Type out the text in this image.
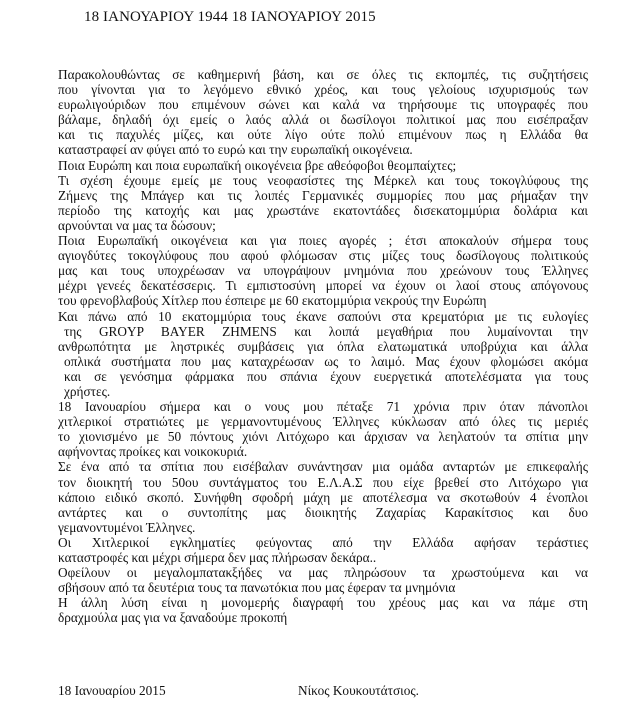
18 ΙΑΝΟΥΑΡΙΟΥ 1944 18 ΙΑΝΟΥΑΡΙΟΥ 2015
Παρακολουθώντας σε καθημερινή βάση, και σε όλες τις εκπομπές, τις συζητήσεις
που γίνονται για το λεγόμενο εθνικό χρέος, και τους γελοίους ισχυρισμούς των
ευρωλιγούριδων που επιμένουν σώνει και καλά να τηρήσουμε τις υπογραφές που
βάλαμε, δηλαδή όχι εμείς ο λαός αλλά οι δωσίλογοι πολιτικοί μας που εισέπραξαν
και τις παχυλές μίζες, και ούτε λίγο ούτε πολύ επιμένουν πως η Ελλάδα θα
καταστραφεί αν φύγει από το ευρώ και την ευρωπαϊκή οικογένεια.
Ποια Ευρώπη και ποια ευρωπαϊκή οικογένεια βρε αθεόφοβοι θεομπαίχτες;
Τι σχέση έχουμε εμείς με τους νεοφασίστες της Μέρκελ και τους τοκογλύφους της
Ζήμενς της Μπάγερ και τις λοιπές Γερμανικές συμμορίες που μας ρήμαξαν την
περίοδο της κατοχής και μας χρωστάνε εκατοντάδες δισεκατομμύρια δολάρια και
αρνούνται να μας τα δώσουν;
Ποια Ευρωπαϊκή οικογένεια και για ποιες αγορές ; έτσι αποκαλούν σήμερα τους
αγιογδύτες τοκογλύφους που αφού φλόμωσαν στις μίζες τους δωσίλογους πολιτικούς
μας και τους υποχρέωσαν να υπογράψουν μνημόνια που χρεώνουν τους Έλληνες
μέχρι γενεές δεκατέσσερις. Τι εμπιστοσύνη μπορεί να έχουν οι λαοί στους απόγονους
του φρενοβλαβούς Χίτλερ που έσπειρε με 60 εκατομμύρια νεκρούς την Ευρώπη
Και πάνω από 10 εκατομμύρια τους έκανε σαπούνι στα κρεματόρια με τις ευλογίες
της GROYP BAYER ZHMENS και λοιπά μεγαθήρια που λυμαίνονται την
ανθρωπότητα με ληστρικές συμβάσεις για όπλα ελατωματικά υποβρύχια και άλλα
οπλικά συστήματα που μας καταχρέωσαν ως το λαιμό. Μας έχουν φλομώσει ακόμα
και σε γενόσημα φάρμακα που σπάνια έχουν ευεργετικά αποτελέσματα για τους
χρήστες.
18 Ιανουαρίου σήμερα και ο νους μου πέταξε 71 χρόνια πριν όταν πάνοπλοι
χιτλερικοί στρατιώτες με γερμανοντυμένους Έλληνες κύκλωσαν από όλες τις μεριές
το χιονισμένο με 50 πόντους χιόνι Λιτόχωρο και άρχισαν να λεηλατούν τα σπίτια μην
αφήνοντας προίκες και νοικοκυριά.
Σε ένα από τα σπίτια που εισέβαλαν συνάντησαν μια ομάδα ανταρτών με επικεφαλής
τον διοικητή του 50ου συντάγματος του Ε.Λ.Α.Σ που είχε βρεθεί στο Λιτόχωρο για
κάποιο ειδικό σκοπό. Συνήφθη σφοδρή μάχη με αποτέλεσμα να σκοτωθούν 4 ένοπλοι
αντάρτες και ο συντοπίτης μας διοικητής Ζαχαρίας Καρακίτσιος και δυο
γεμανοντυμένοι Έλληνες.
Οι Χιτλερικοί εγκληματίες φεύγοντας από την Ελλάδα αφήσαν τεράστιες
καταστροφές και μέχρι σήμερα δεν μας πλήρωσαν δεκάρα..
Οφείλουν οι μεγαλομπατακξήδες να μας πληρώσουν τα χρωστούμενα και να
σβήσουν από τα δευτέρια τους τα πανωτόκια που μας έφεραν τα μνημόνια
Η άλλη λύση είναι η μονομερής διαγραφή του χρέους μας και να πάμε στη
δραχμούλα μας για να ξαναδούμε προκοπή
18 Ιανουαρίου 2015	Νίκος Κουκουτάτσιος.
